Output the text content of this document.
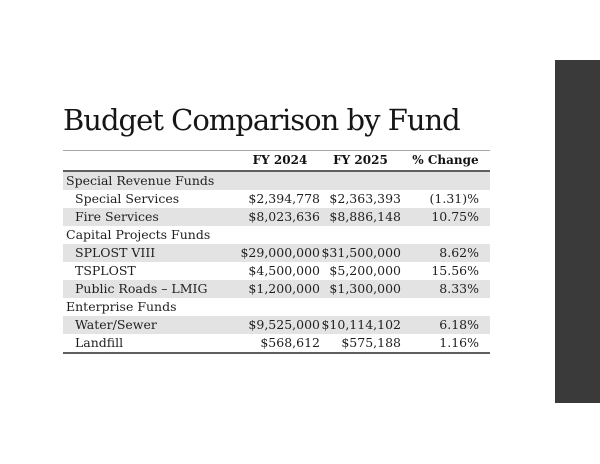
Budget Comparison by Fund
	FY 2024	FY 2025	% Change
Special Revenue Funds			
Special Services	$2,394,778	$2,363,393	(1.31)%
Fire Services	$8,023,636	$8,886,148	10.75%
Capital Projects Funds			
SPLOST VIII	$29,000,000	$31,500,000	8.62%
TSPLOST	$4,500,000	$5,200,000	15.56%
Public Roads – LMIG	$1,200,000	$1,300,000	8.33%
Enterprise Funds			
Water/Sewer	$9,525,000	$10,114,102	6.18%
Landfill	$568,612	$575,188	1.16%
